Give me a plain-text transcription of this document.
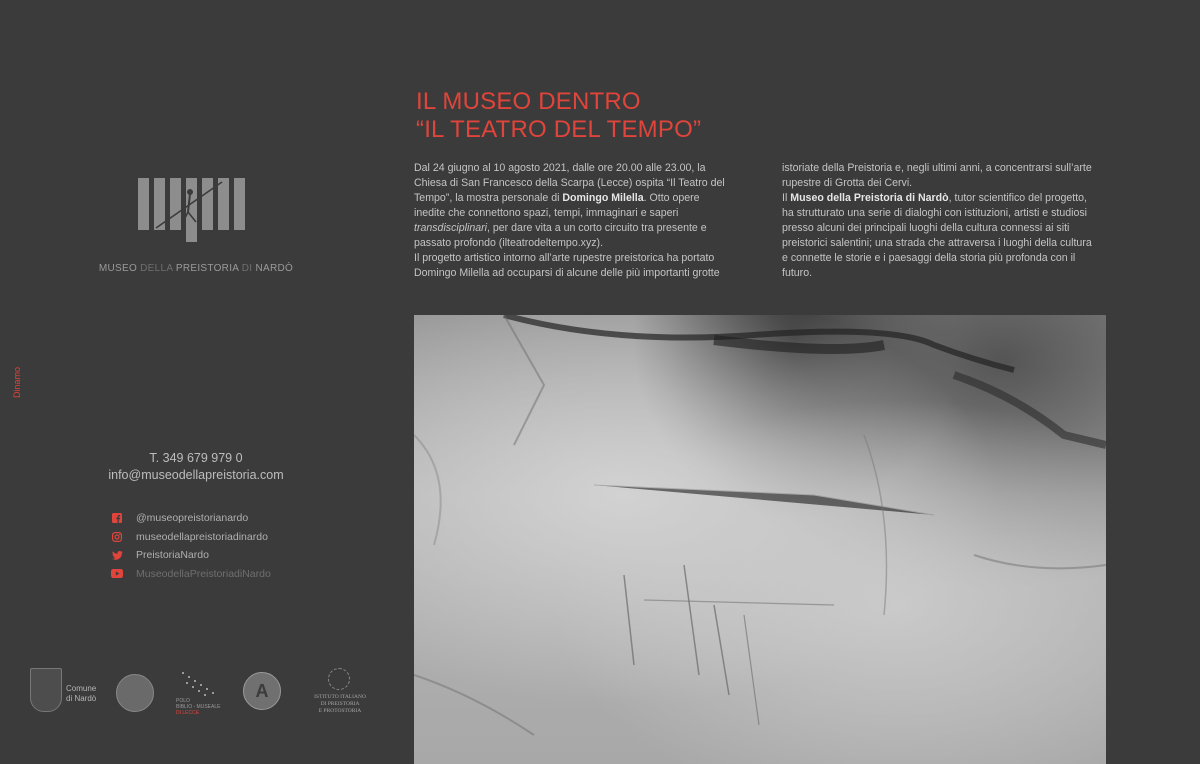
MUSEO DELLA PREISTORIA DI NARDÒ
Dinamo
T. 349 679 979 0
info@museodellapreistoria.com
@museopreistorianardo
museodellapreistoriadinardo
PreistoriaNardo
MuseodellaPreistoriadiNardo
Comune
di Nardò	POLO
BIBLIO - MUSEALE
DI LECCE
A	ISTITUTO ITALIANO
DI PREISTORIA
E PROTOSTORIA
IL MUSEO DENTRO
“IL TEATRO DEL TEMPO”

Dal 24 giugno al 10 agosto 2021, dalle ore 20.00 alle 23.00, la Chiesa di San Francesco della Scarpa (Lecce) ospita “Il Teatro del Tempo”, la mostra personale di Domingo Milella. Otto opere inedite che connettono spazi, tempi, immaginari e saperi transdisciplinari, per dare vita a un corto circuito tra presente e passato profondo (ilteatrodeltempo.xyz).

Il progetto artistico intorno all’arte rupestre preistorica ha portato Domingo Milella ad occuparsi di alcune delle più importanti grotte

istoriate della Preistoria e, negli ultimi anni, a concentrarsi sull’arte rupestre di Grotta dei Cervi.

Il Museo della Preistoria di Nardò, tutor scientifico del progetto, ha strutturato una serie di dialoghi con istituzioni, artisti e studiosi presso alcuni dei principali luoghi della cultura connessi ai siti preistorici salentini; una strada che attraversa i luoghi della cultura e connette le storie e i paesaggi della storia più profonda con il futuro.
